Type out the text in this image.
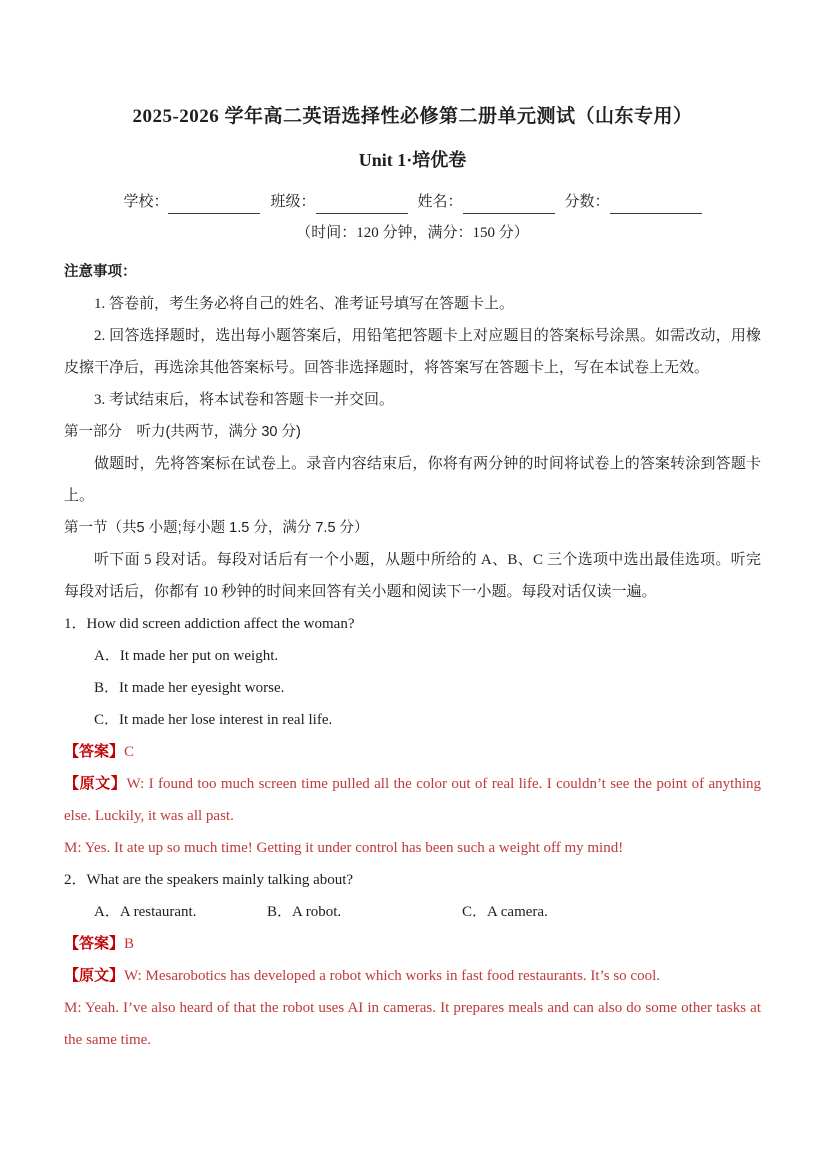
2025-2026 学年高二英语选择性必修第二册单元测试（山东专用）
Unit 1·培优卷
学校：	班级：	姓名：	分数：
（时间：120 分钟，满分：150 分）

注意事项：

1. 答卷前，考生务必将自己的姓名、准考证号填写在答题卡上。

2. 回答选择题时，选出每小题答案后，用铅笔把答题卡上对应题目的答案标号涂黑。如需改动，用橡皮擦干净后，再选涂其他答案标号。回答非选择题时，将答案写在答题卡上，写在本试卷上无效。

3. 考试结束后，将本试卷和答题卡一并交回。

第一部分　听力(共两节，满分 30 分)

做题时，先将答案标在试卷上。录音内容结束后，你将有两分钟的时间将试卷上的答案转涂到答题卡上。

第一节（共5 小题;每小题 1.5 分，满分 7.5 分）

听下面 5 段对话。每段对话后有一个小题，从题中所给的 A、B、C 三个选项中选出最佳选项。听完每段对话后，你都有 10 秒钟的时间来回答有关小题和阅读下一小题。每段对话仅读一遍。

1．How did screen addiction affect the woman?

A．It made her put on weight.

B．It made her eyesight worse.

C．It made her lose interest in real life.

【答案】C

【原文】W: I found too much screen time pulled all the color out of real life. I couldn’t see the point of anything else. Luckily, it was all past.

M: Yes. It ate up so much time! Getting it under control has been such a weight off my mind!

2．What are the speakers mainly talking about?

A．A restaurant.	B．A robot.	C．A camera.

【答案】B

【原文】W: Mesarobotics has developed a robot which works in fast food restaurants. It’s so cool.

M: Yeah. I’ve also heard of that the robot uses AI in cameras. It prepares meals and can also do some other tasks at the same time.
